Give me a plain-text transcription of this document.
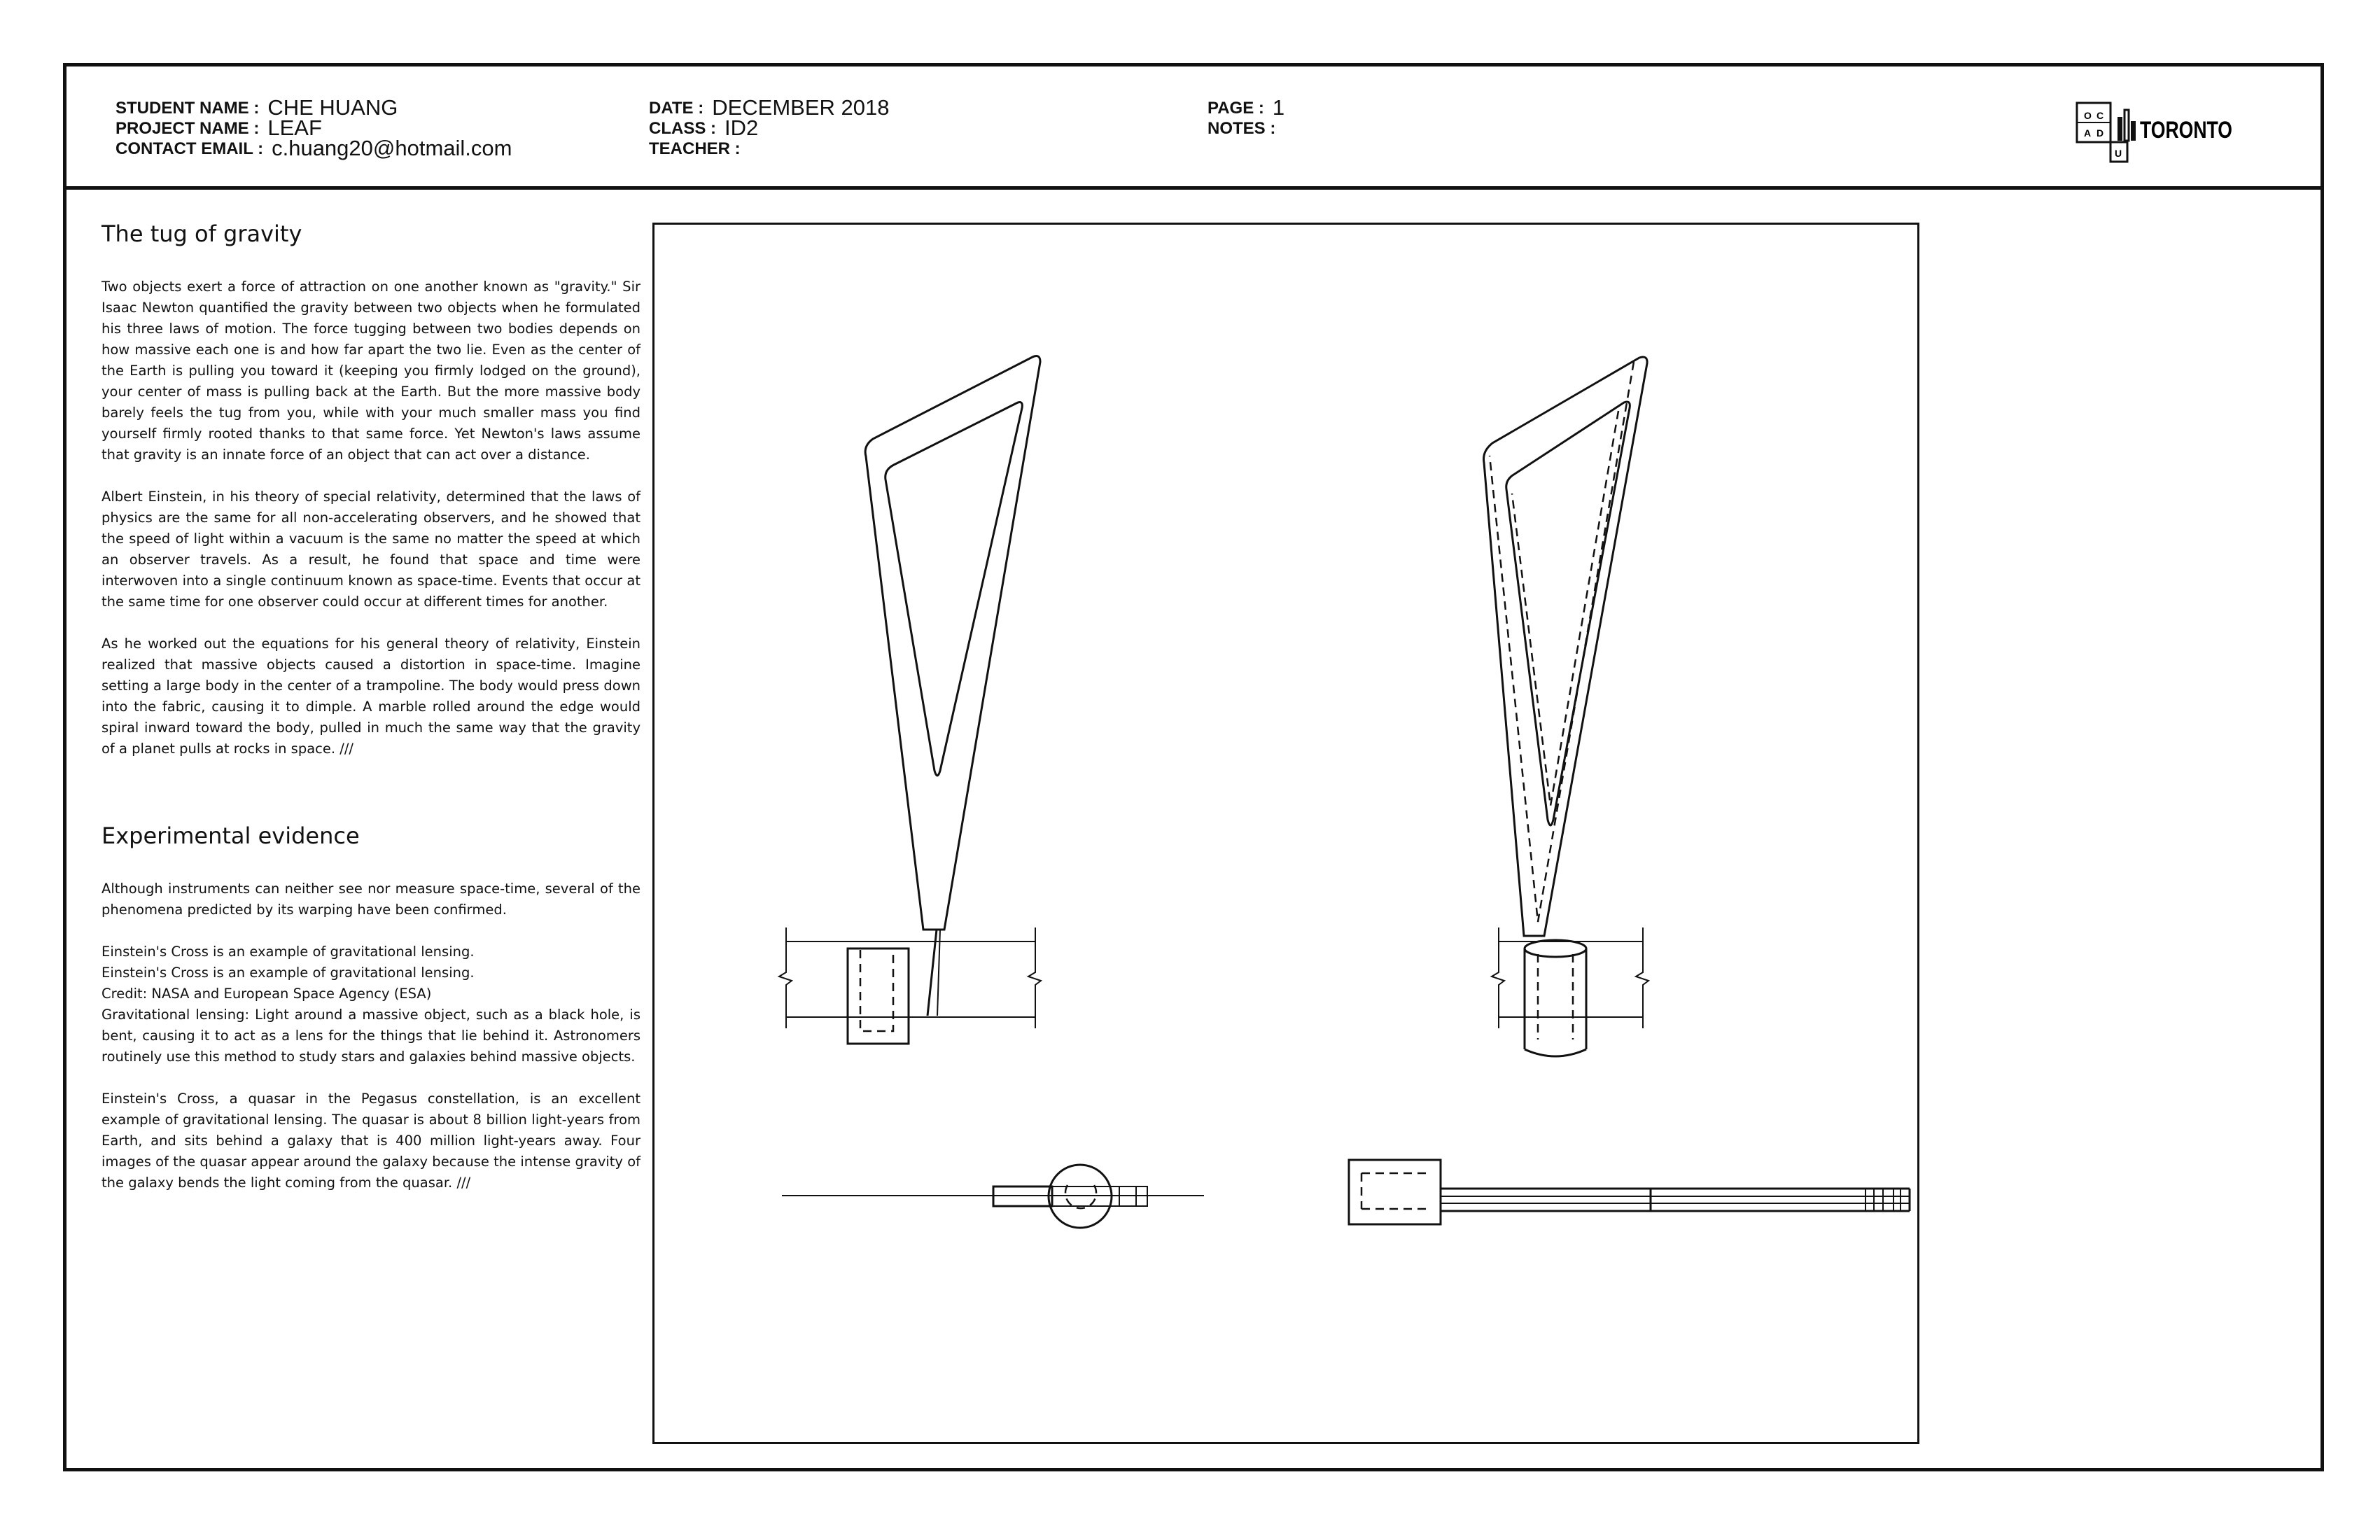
STUDENT NAME : CHE HUANG
PROJECT NAME : LEAF
CONTACT EMAIL : c.huang20@hotmail.com
DATE : DECEMBER 2018
CLASS : ID2
TEACHER :
PAGE : 1
NOTES :
O C
A D
U
TORONTO
The tug of gravity

Two objects exert a force of attraction on one another known as "gravity." Sir Isaac Newton quantified the gravity between two objects when he formulated his three laws of motion. The force tugging between two bodies depends on how massive each one is and how far apart the two lie. Even as the center of the Earth is pulling you toward it (keeping you firmly lodged on the ground), your center of mass is pulling back at the Earth. But the more massive body barely feels the tug from you, while with your much smaller mass you find yourself firmly rooted thanks to that same force. Yet Newton's laws assume that gravity is an innate force of an object that can act over a distance.

Albert Einstein, in his theory of special relativity, determined that the laws of physics are the same for all non-accelerating observers, and he showed that the speed of light within a vacuum is the same no matter the speed at which an observer travels. As a result, he found that space and time were interwoven into a single continuum known as space-time. Events that occur at the same time for one observer could occur at different times for another.

As he worked out the equations for his general theory of relativity, Einstein realized that massive objects caused a distortion in space-time. Imagine setting a large body in the center of a trampoline. The body would press down into the fabric, causing it to dimple. A marble rolled around the edge would spiral inward toward the body, pulled in much the same way that the gravity of a planet pulls at rocks in space. ///

Experimental evidence

Although instruments can neither see nor measure space-time, several of the phenomena predicted by its warping have been confirmed.

Einstein's Cross is an example of gravitational lensing.

Einstein's Cross is an example of gravitational lensing.

Credit: NASA and European Space Agency (ESA)

Gravitational lensing: Light around a massive object, such as a black hole, is bent, causing it to act as a lens for the things that lie behind it. Astronomers routinely use this method to study stars and galaxies behind massive objects.

Einstein's Cross, a quasar in the Pegasus constellation, is an excellent example of gravitational lensing. The quasar is about 8 billion light-years from Earth, and sits behind a galaxy that is 400 million light-years away. Four images of the quasar appear around the galaxy because the intense gravity of the galaxy bends the light coming from the quasar. ///
